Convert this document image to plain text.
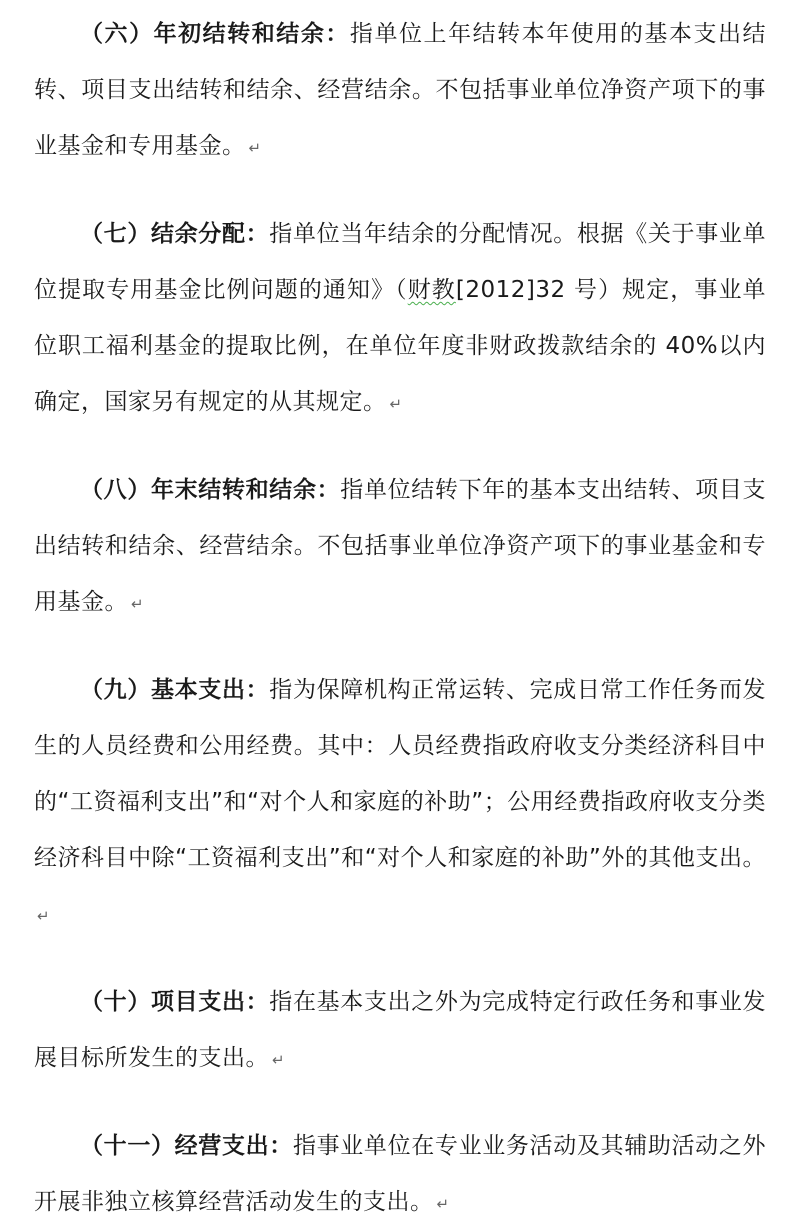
（六）年初结转和结余：指单位上年结转本年使用的基本支出结转、项目支出结转和结余、经营结余。不包括事业单位净资产项下的事业基金和专用基金。 ↵

（七）结余分配：指单位当年结余的分配情况。根据《关于事业单位提取专用基金比例问题的通知》（财教[2012]32 号）规定，事业单位职工福利基金的提取比例，在单位年度非财政拨款结余的 40%以内确定，国家另有规定的从其规定。 ↵

（八）年末结转和结余：指单位结转下年的基本支出结转、项目支出结转和结余、经营结余。不包括事业单位净资产项下的事业基金和专用基金。 ↵

（九）基本支出：指为保障机构正常运转、完成日常工作任务而发生的人员经费和公用经费。其中：人员经费指政府收支分类经济科目中的“工资福利支出”和“对个人和家庭的补助”；公用经费指政府收支分类经济科目中除“工资福利支出”和“对个人和家庭的补助”外的其他支出。↵

（十）项目支出：指在基本支出之外为完成特定行政任务和事业发展目标所发生的支出。 ↵

（十一）经营支出：指事业单位在专业业务活动及其辅助活动之外开展非独立核算经营活动发生的支出。 ↵
